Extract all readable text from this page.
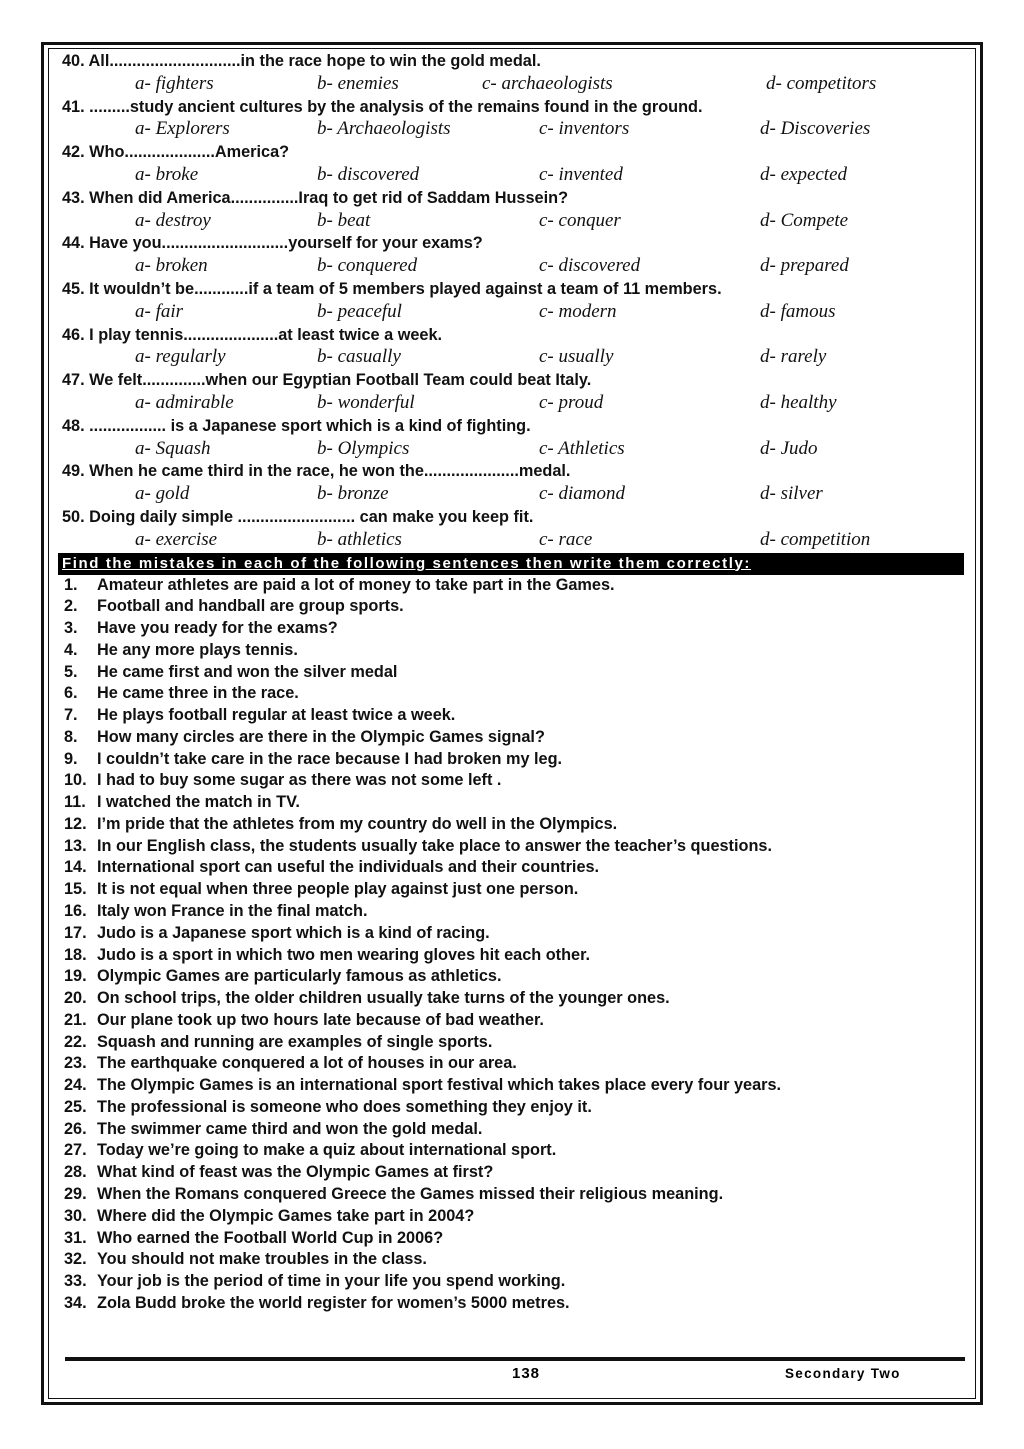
40. All.............................in the race hope to win the gold medal.
a- fighters	b- enemies	c- archaeologists	d- competitors
41. .........study ancient cultures by the analysis of the remains found in the ground.
a- Explorers	b- Archaeologists	c- inventors	d- Discoveries
42. Who....................America?
a- broke	b- discovered	c- invented	d- expected
43. When did America...............Iraq to get rid of Saddam Hussein?
a- destroy	b- beat	c- conquer	d- Compete
44. Have you............................yourself for your exams?
a- broken	b- conquered	c- discovered	d- prepared
45. It wouldn’t be............if a team of 5 members played against a team of 11 members.
a- fair	b- peaceful	c- modern	d- famous
46. I play tennis.....................at least twice a week.
a- regularly	b- casually	c- usually	d- rarely
47. We felt..............when our Egyptian Football Team could beat Italy.
a- admirable	b- wonderful	c- proud	d- healthy
48. ................. is a Japanese sport which is a kind of fighting.
a- Squash	b- Olympics	c- Athletics	d- Judo
49. When he came third in the race, he won the.....................medal.
a- gold	b- bronze	c- diamond	d- silver
50. Doing daily simple .......................... can make you keep fit.
a- exercise	b- athletics	c- race	d- competition
Find the mistakes in each of the following sentences then write them correctly:
1. Amateur athletes are paid a lot of money to take part in the Games.
2. Football and handball are group sports.
3. Have you ready for the exams?
4. He any more plays tennis.
5. He came first and won the silver medal
6. He came three in the race.
7. He plays football regular at least twice a week.
8. How many circles are there in the Olympic Games signal?
9. I couldn’t take care in the race because I had broken my leg.
10. I had to buy some sugar as there was not some left .
11. I watched the match in TV.
12. I’m pride that the athletes from my country do well in the Olympics.
13. In our English class, the students usually take place to answer the teacher’s questions.
14. International sport can useful the individuals and their countries.
15. It is not equal when three people play against just one person.
16. Italy won France in the final match.
17. Judo is a Japanese sport which is a kind of racing.
18. Judo is a sport in which two men wearing gloves hit each other.
19. Olympic Games are particularly famous as athletics.
20. On school trips, the older children usually take turns of the younger ones.
21. Our plane took up two hours late because of bad weather.
22. Squash and running are examples of single sports.
23. The earthquake conquered a lot of houses in our area.
24. The Olympic Games is an international sport festival which takes place every four years.
25. The professional is someone who does something they enjoy it.
26. The swimmer came third and won the gold medal.
27. Today we’re going to make a quiz about international sport.
28. What kind of feast was the Olympic Games at first?
29. When the Romans conquered Greece the Games missed their religious meaning.
30. Where did the Olympic Games take part in 2004?
31. Who earned the Football World Cup in 2006?
32. You should not make troubles in the class.
33. Your job is the period of time in your life you spend working.
34. Zola Budd broke the world register for women’s 5000 metres.
138	Secondary Two
